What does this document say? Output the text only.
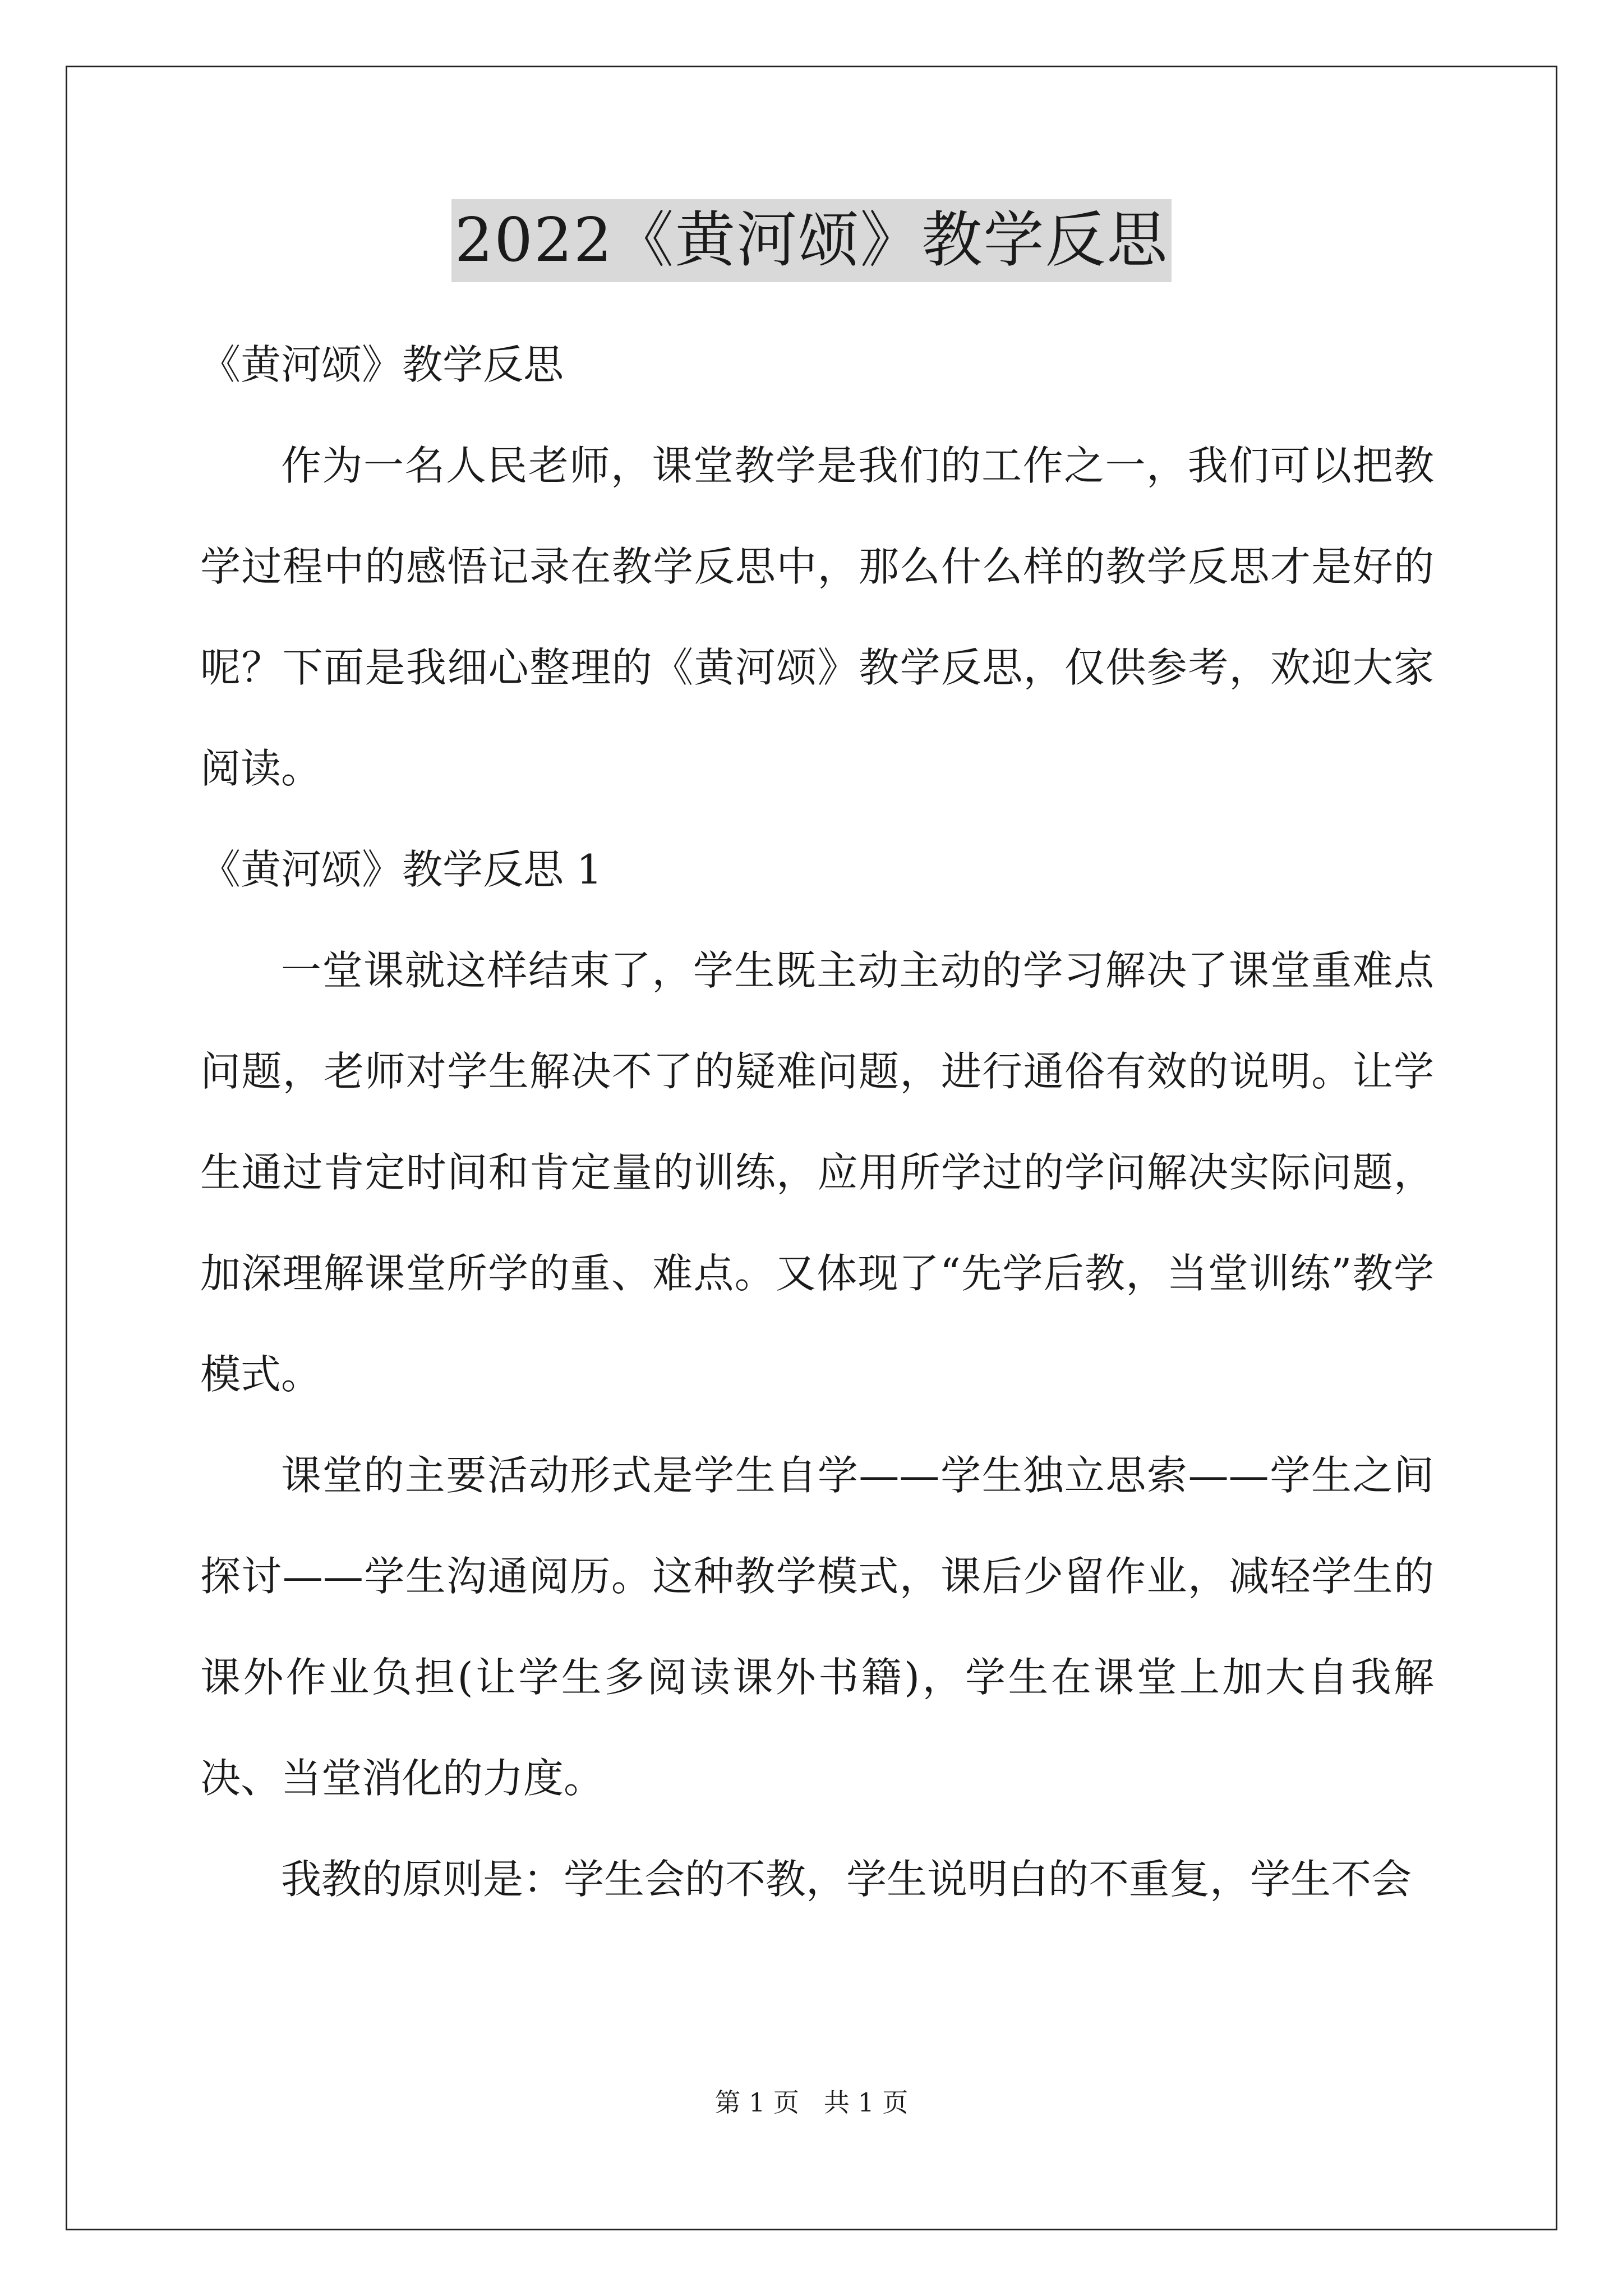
2022《黄河颂》教学反思

《黄河颂》教学反思

作为一名人民老师，课堂教学是我们的工作之一，我们可以把教学过程中的感悟记录在教学反思中，那么什么样的教学反思才是好的呢？下面是我细心整理的《黄河颂》教学反思，仅供参考，欢迎大家阅读。

《黄河颂》教学反思 1

一堂课就这样结束了，学生既主动主动的学习解决了课堂重难点问题，老师对学生解决不了的疑难问题，进行通俗有效的说明。让学生通过肯定时间和肯定量的训练，应用所学过的学问解决实际问题，加深理解课堂所学的重、难点。又体现了“先学后教，当堂训练”教学模式。

课堂的主要活动形式是学生自学——学生独立思索——学生之间探讨——学生沟通阅历。这种教学模式，课后少留作业，减轻学生的课外作业负担(让学生多阅读课外书籍)，学生在课堂上加大自我解决、当堂消化的力度。

我教的原则是：学生会的不教，学生说明白的不重复，学生不会

第 1 页   共 1 页
